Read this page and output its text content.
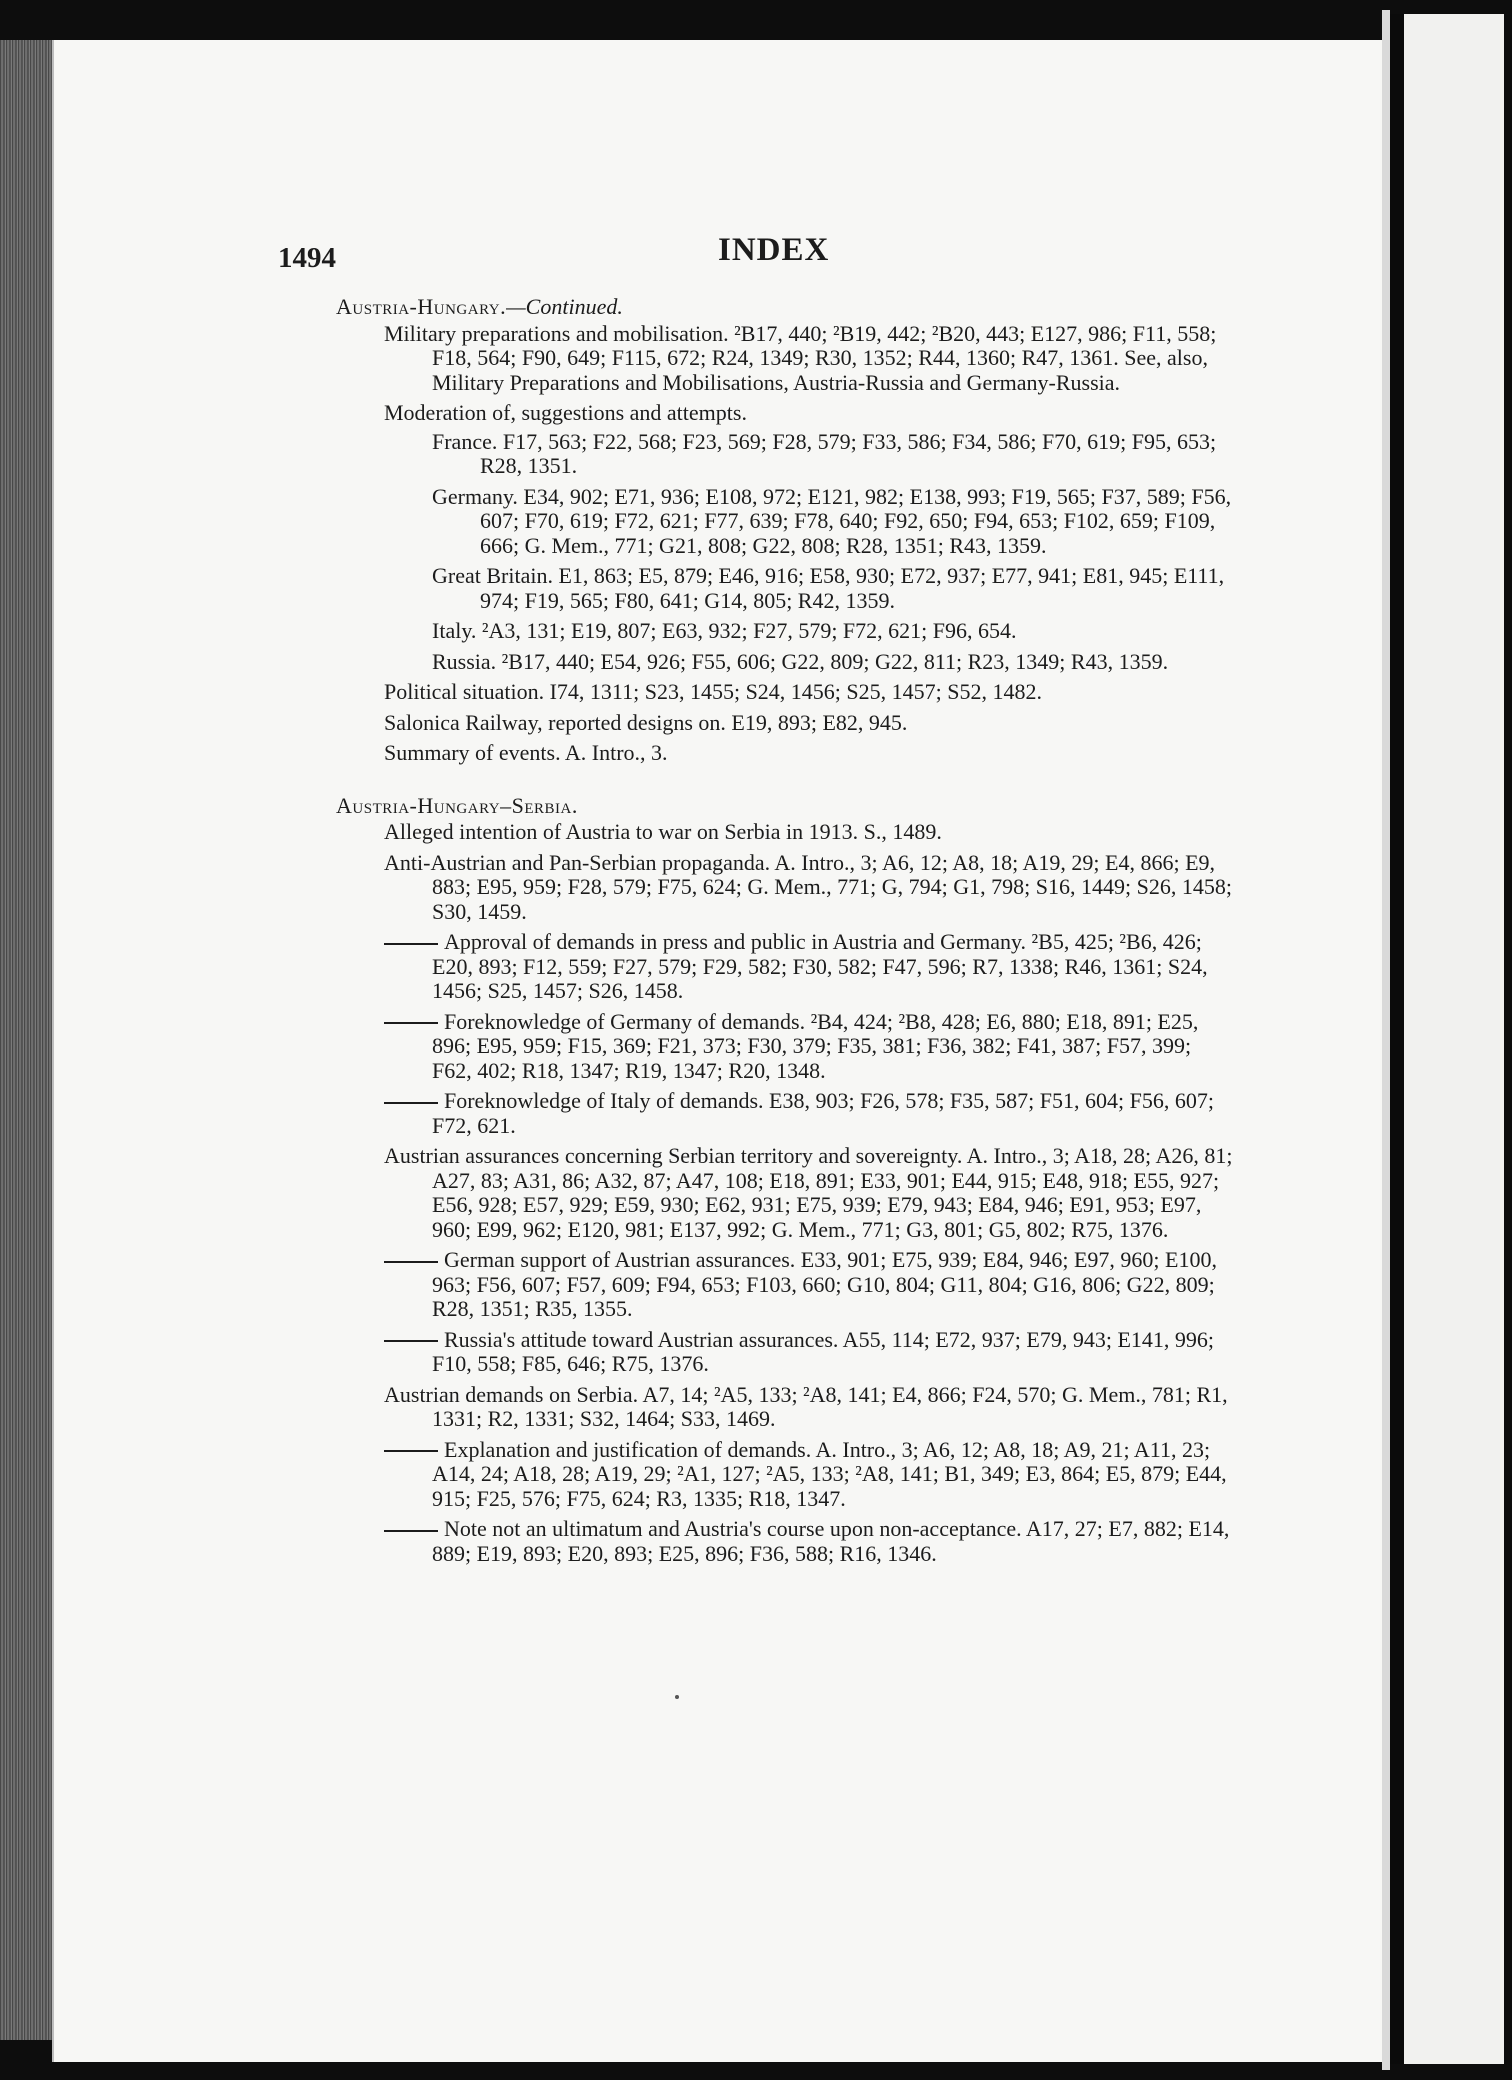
1494	INDEX
Austria-Hungary.—Continued.
Military preparations and mobilisation. ²B17, 440; ²B19, 442; ²B20, 443; E127, 986; F11, 558; F18, 564; F90, 649; F115, 672; R24, 1349; R30, 1352; R44, 1360; R47, 1361. See, also, Military Preparations and Mobilisations, Austria-Russia and Germany-Russia.
Moderation of, suggestions and attempts.
France. F17, 563; F22, 568; F23, 569; F28, 579; F33, 586; F34, 586; F70, 619; F95, 653; R28, 1351.
Germany. E34, 902; E71, 936; E108, 972; E121, 982; E138, 993; F19, 565; F37, 589; F56, 607; F70, 619; F72, 621; F77, 639; F78, 640; F92, 650; F94, 653; F102, 659; F109, 666; G. Mem., 771; G21, 808; G22, 808; R28, 1351; R43, 1359.
Great Britain. E1, 863; E5, 879; E46, 916; E58, 930; E72, 937; E77, 941; E81, 945; E111, 974; F19, 565; F80, 641; G14, 805; R42, 1359.
Italy. ²A3, 131; E19, 807; E63, 932; F27, 579; F72, 621; F96, 654.
Russia. ²B17, 440; E54, 926; F55, 606; G22, 809; G22, 811; R23, 1349; R43, 1359.
Political situation. I74, 1311; S23, 1455; S24, 1456; S25, 1457; S52, 1482.
Salonica Railway, reported designs on. E19, 893; E82, 945.
Summary of events. A. Intro., 3.
Austria-Hungary–Serbia.
Alleged intention of Austria to war on Serbia in 1913. S., 1489.
Anti-Austrian and Pan-Serbian propaganda. A. Intro., 3; A6, 12; A8, 18; A19, 29; E4, 866; E9, 883; E95, 959; F28, 579; F75, 624; G. Mem., 771; G, 794; G1, 798; S16, 1449; S26, 1458; S30, 1459.
Approval of demands in press and public in Austria and Germany. ²B5, 425; ²B6, 426; E20, 893; F12, 559; F27, 579; F29, 582; F30, 582; F47, 596; R7, 1338; R46, 1361; S24, 1456; S25, 1457; S26, 1458.
Foreknowledge of Germany of demands. ²B4, 424; ²B8, 428; E6, 880; E18, 891; E25, 896; E95, 959; F15, 369; F21, 373; F30, 379; F35, 381; F36, 382; F41, 387; F57, 399; F62, 402; R18, 1347; R19, 1347; R20, 1348.
Foreknowledge of Italy of demands. E38, 903; F26, 578; F35, 587; F51, 604; F56, 607; F72, 621.
Austrian assurances concerning Serbian territory and sovereignty. A. Intro., 3; A18, 28; A26, 81; A27, 83; A31, 86; A32, 87; A47, 108; E18, 891; E33, 901; E44, 915; E48, 918; E55, 927; E56, 928; E57, 929; E59, 930; E62, 931; E75, 939; E79, 943; E84, 946; E91, 953; E97, 960; E99, 962; E120, 981; E137, 992; G. Mem., 771; G3, 801; G5, 802; R75, 1376.
German support of Austrian assurances. E33, 901; E75, 939; E84, 946; E97, 960; E100, 963; F56, 607; F57, 609; F94, 653; F103, 660; G10, 804; G11, 804; G16, 806; G22, 809; R28, 1351; R35, 1355.
Russia's attitude toward Austrian assurances. A55, 114; E72, 937; E79, 943; E141, 996; F10, 558; F85, 646; R75, 1376.
Austrian demands on Serbia. A7, 14; ²A5, 133; ²A8, 141; E4, 866; F24, 570; G. Mem., 781; R1, 1331; R2, 1331; S32, 1464; S33, 1469.
Explanation and justification of demands. A. Intro., 3; A6, 12; A8, 18; A9, 21; A11, 23; A14, 24; A18, 28; A19, 29; ²A1, 127; ²A5, 133; ²A8, 141; B1, 349; E3, 864; E5, 879; E44, 915; F25, 576; F75, 624; R3, 1335; R18, 1347.
Note not an ultimatum and Austria's course upon non-acceptance. A17, 27; E7, 882; E14, 889; E19, 893; E20, 893; E25, 896; F36, 588; R16, 1346.
